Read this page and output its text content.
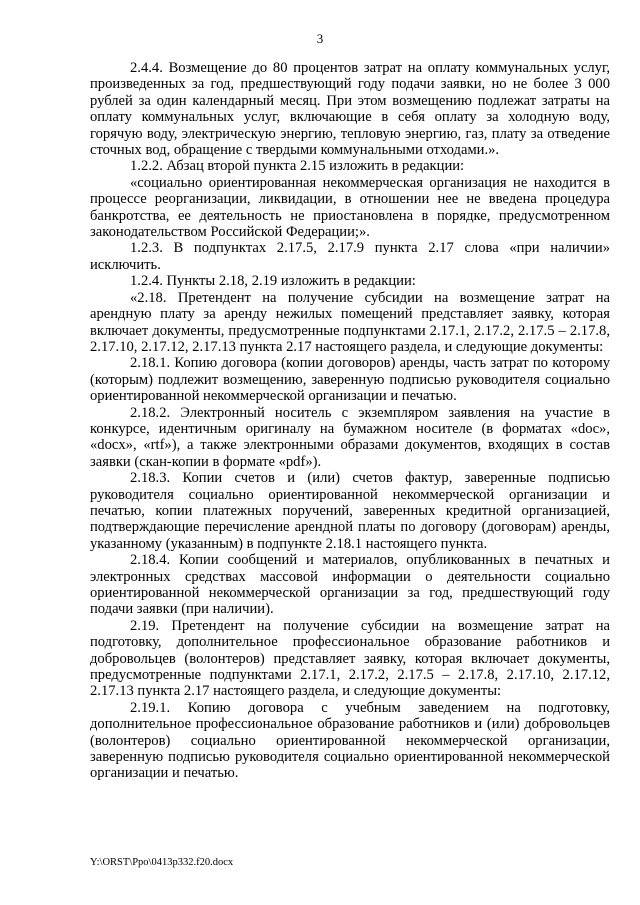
3

2.4.4. Возмещение до 80 процентов затрат на оплату коммунальных услуг, произведенных за год, предшествующий году подачи заявки, но не более 3 000 рублей за один календарный месяц. При этом возмещению подлежат затраты на оплату коммунальных услуг, включающие в себя оплату за холодную воду, горячую воду, электрическую энергию, тепловую энергию, газ, плату за отведение сточных вод, обращение с твердыми коммунальными отходами.».

1.2.2. Абзац второй пункта 2.15 изложить в редакции:

«социально ориентированная некоммерческая организация не находится в процессе реорганизации, ликвидации, в отношении нее не введена процедура банкротства, ее деятельность не приостановлена в порядке, предусмотренном законодательством Российской Федерации;».

1.2.3. В подпунктах 2.17.5, 2.17.9 пункта 2.17 слова «при наличии» исключить.

1.2.4. Пункты 2.18, 2.19 изложить в редакции:

«2.18. Претендент на получение субсидии на возмещение затрат на арендную плату за аренду нежилых помещений представляет заявку, которая включает документы, предусмотренные подпунктами 2.17.1, 2.17.2, 2.17.5 – 2.17.8, 2.17.10, 2.17.12, 2.17.13 пункта 2.17 настоящего раздела, и следующие документы:

2.18.1. Копию договора (копии договоров) аренды, часть затрат по которому (которым) подлежит возмещению, заверенную подписью руководителя социально ориентированной некоммерческой организации и печатью.

2.18.2. Электронный носитель с экземпляром заявления на участие в конкурсе, идентичным оригиналу на бумажном носителе (в форматах «doc», «docx», «rtf»), а также электронными образами документов, входящих в состав заявки (скан-копии в формате «pdf»).

2.18.3. Копии счетов и (или) счетов фактур, заверенные подписью руководителя социально ориентированной некоммерческой организации и печатью, копии платежных поручений, заверенных кредитной организацией, подтверждающие перечисление арендной платы по договору (договорам) аренды, указанному (указанным) в подпункте 2.18.1 настоящего пункта.

2.18.4. Копии сообщений и материалов, опубликованных в печатных и электронных средствах массовой информации о деятельности социально ориентированной некоммерческой организации за год, предшествующий году подачи заявки (при наличии).

2.19. Претендент на получение субсидии на возмещение затрат на подготовку, дополнительное профессиональное образование работников и добровольцев (волонтеров) представляет заявку, которая включает документы, предусмотренные подпунктами 2.17.1, 2.17.2, 2.17.5 – 2.17.8, 2.17.10, 2.17.12, 2.17.13 пункта 2.17 настоящего раздела, и следующие документы:

2.19.1. Копию договора с учебным заведением на подготовку, дополнительное профессиональное образование работников и (или) добровольцев (волонтеров) социально ориентированной некоммерческой организации, заверенную подписью руководителя социально ориентированной некоммерческой организации и печатью.

Y:\ORST\Ppo\0413p332.f20.docx
